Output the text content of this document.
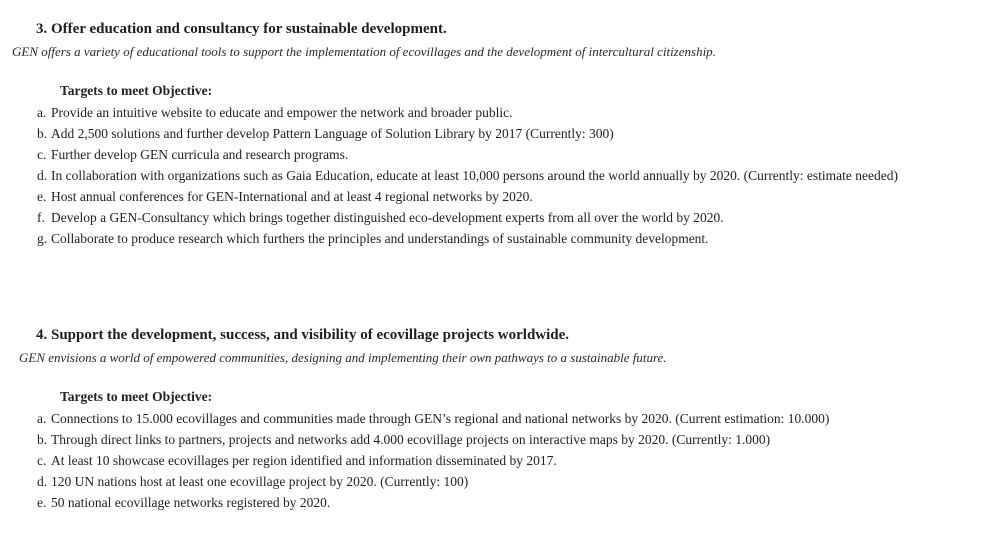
3. Offer education and consultancy for sustainable development.
GEN offers a variety of educational tools to support the implementation of ecovillages and the development of intercultural citizenship.
Targets to meet Objective:
a. Provide an intuitive website to educate and empower the network and broader public.
b. Add 2,500 solutions and further develop Pattern Language of Solution Library by 2017 (Currently: 300)
c. Further develop GEN curricula and research programs.
d. In collaboration with organizations such as Gaia Education, educate at least 10,000 persons around the world annually by 2020. (Currently: estimate needed)
e. Host annual conferences for GEN-International and at least 4 regional networks by 2020.
f. Develop a GEN-Consultancy which brings together distinguished eco-development experts from all over the world by 2020.
g. Collaborate to produce research which furthers the principles and understandings of sustainable community development.
4. Support the development, success, and visibility of ecovillage projects worldwide.
GEN envisions a world of empowered communities, designing and implementing their own pathways to a sustainable future.
Targets to meet Objective:
a. Connections to 15.000 ecovillages and communities made through GEN’s regional and national networks by 2020. (Current estimation: 10.000)
b. Through direct links to partners, projects and networks add 4.000 ecovillage projects on interactive maps by 2020. (Currently: 1.000)
c. At least 10 showcase ecovillages per region identified and information disseminated by 2017.
d. 120 UN nations host at least one ecovillage project by 2020. (Currently: 100)
e. 50 national ecovillage networks registered by 2020.
